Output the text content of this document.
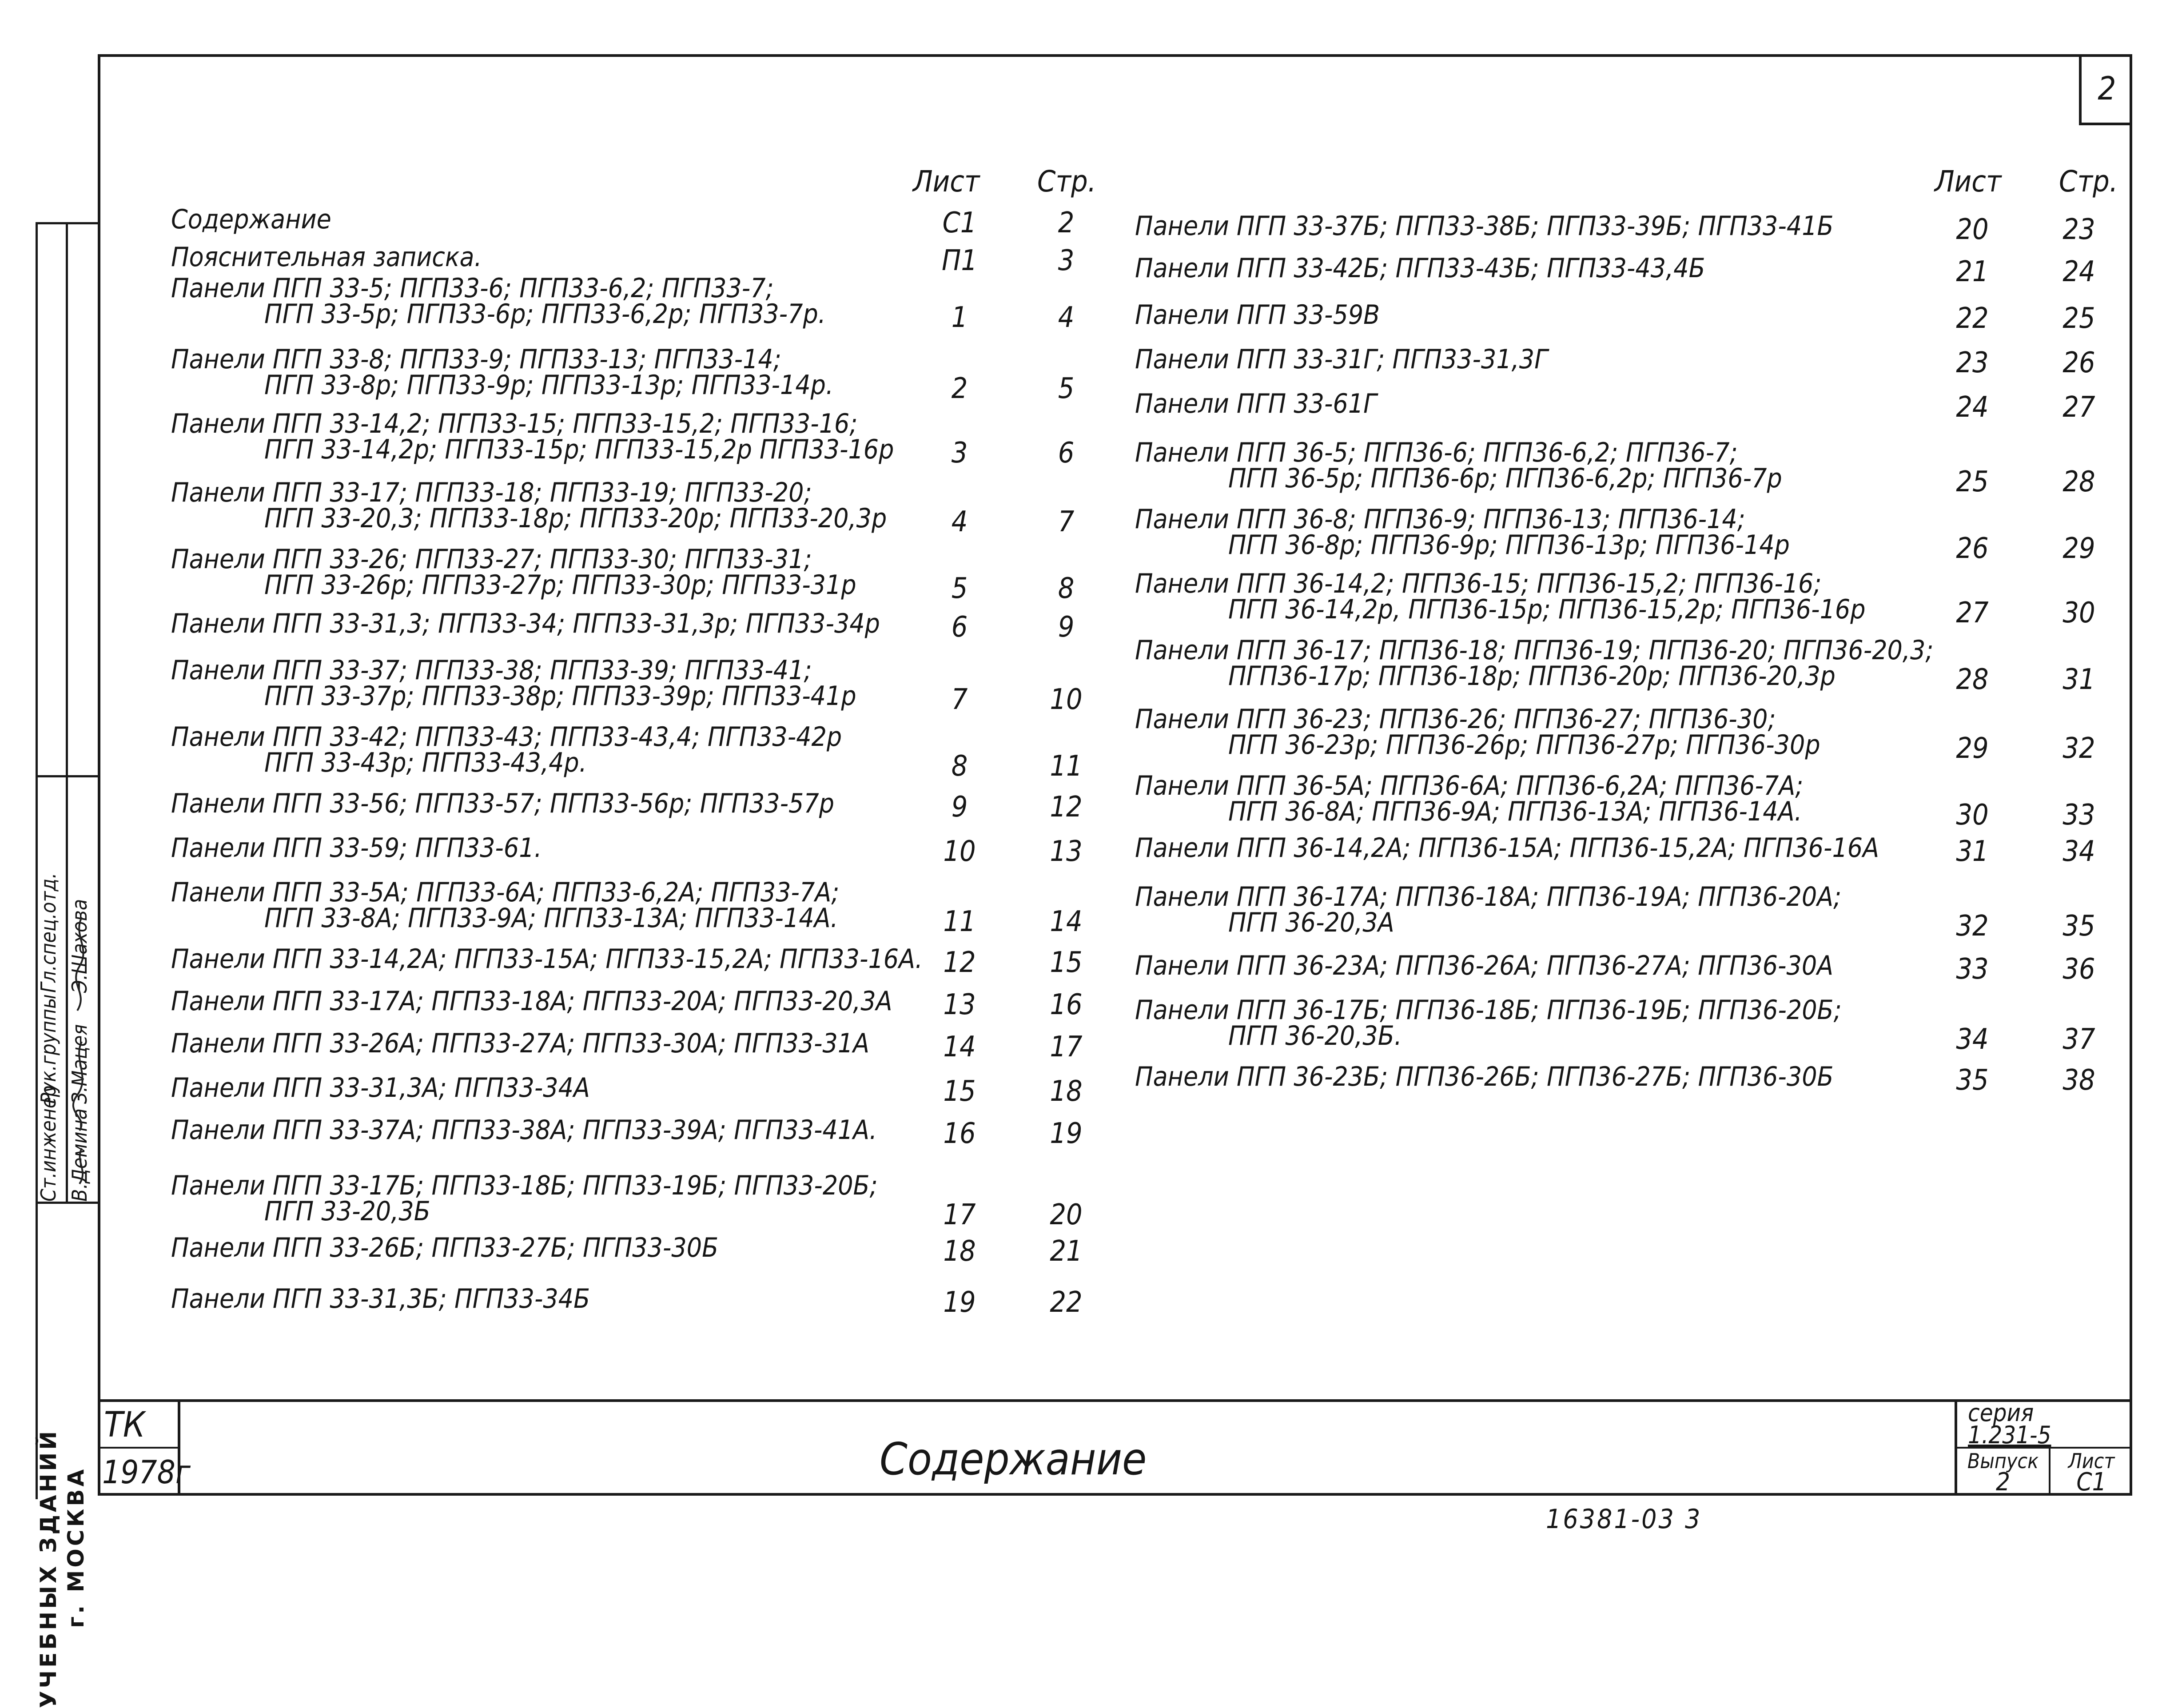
2
Лист Стр.	Лист Стр.
Содержание	С1	2
Пояснительная записка.	П1	3
Панели ПГП 33-5; ПГП33-6; ПГП33-6,2; ПГП33-7;
ПГП 33-5р; ПГП33-6р; ПГП33-6,2р; ПГП33-7р.	1	4
Панели ПГП 33-8; ПГП33-9; ПГП33-13; ПГП33-14;
ПГП 33-8р; ПГП33-9р; ПГП33-13р; ПГП33-14р.	2	5
Панели ПГП 33-14,2; ПГП33-15; ПГП33-15,2; ПГП33-16;
ПГП 33-14,2р; ПГП33-15р; ПГП33-15,2р ПГП33-16р	3	6
Панели ПГП 33-17; ПГП33-18; ПГП33-19; ПГП33-20;
ПГП 33-20,3; ПГП33-18р; ПГП33-20р; ПГП33-20,3р	4	7
Панели ПГП 33-26; ПГП33-27; ПГП33-30; ПГП33-31;
ПГП 33-26р; ПГП33-27р; ПГП33-30р; ПГП33-31р	5	8
Панели ПГП 33-31,3; ПГП33-34; ПГП33-31,3р; ПГП33-34р	6	9
Панели ПГП 33-37; ПГП33-38; ПГП33-39; ПГП33-41;
ПГП 33-37р; ПГП33-38р; ПГП33-39р; ПГП33-41р	7	10
Панели ПГП 33-42; ПГП33-43; ПГП33-43,4; ПГП33-42р
ПГП 33-43р; ПГП33-43,4р.	8	11
Панели ПГП 33-56; ПГП33-57; ПГП33-56р; ПГП33-57р	9	12
Панели ПГП 33-59; ПГП33-61.	10	13
Панели ПГП 33-5А; ПГП33-6А; ПГП33-6,2А; ПГП33-7А;
ПГП 33-8А; ПГП33-9А; ПГП33-13А; ПГП33-14А.	11	14
Панели ПГП 33-14,2А; ПГП33-15А; ПГП33-15,2А; ПГП33-16А. 12	15
Панели ПГП 33-17А; ПГП33-18А; ПГП33-20А; ПГП33-20,3А	13	16
Панели ПГП 33-26А; ПГП33-27А; ПГП33-30А; ПГП33-31А	14	17
Панели ПГП 33-31,3А; ПГП33-34А	15	18
Панели ПГП 33-37А; ПГП33-38А; ПГП33-39А; ПГП33-41А.	16	19
Панели ПГП 33-17Б; ПГП33-18Б; ПГП33-19Б; ПГП33-20Б;
ПГП 33-20,3Б	17	20
Панели ПГП 33-26Б; ПГП33-27Б; ПГП33-30Б	18	21
Панели ПГП 33-31,3Б; ПГП33-34Б	19	22
Панели ПГП 33-37Б; ПГП33-38Б; ПГП33-39Б; ПГП33-41Б	20	23
Панели ПГП 33-42Б; ПГП33-43Б; ПГП33-43,4Б	21	24
Панели ПГП 33-59В	22	25
Панели ПГП 33-31Г; ПГП33-31,3Г	23	26
Панели ПГП 33-61Г	24	27
Панели ПГП 36-5; ПГП36-6; ПГП36-6,2; ПГП36-7;
ПГП 36-5р; ПГП36-6р; ПГП36-6,2р; ПГП36-7р	25	28
Панели ПГП 36-8; ПГП36-9; ПГП36-13; ПГП36-14;
ПГП 36-8р; ПГП36-9р; ПГП36-13р; ПГП36-14р	26	29
Панели ПГП 36-14,2; ПГП36-15; ПГП36-15,2; ПГП36-16;
ПГП 36-14,2р, ПГП36-15р; ПГП36-15,2р; ПГП36-16р	27	30
Панели ПГП 36-17; ПГП36-18; ПГП36-19; ПГП36-20; ПГП36-20,3;
ПГП36-17р; ПГП36-18р; ПГП36-20р; ПГП36-20,3р	28	31
Панели ПГП 36-23; ПГП36-26; ПГП36-27; ПГП36-30;
ПГП 36-23р; ПГП36-26р; ПГП36-27р; ПГП36-30р	29	32
Панели ПГП 36-5А; ПГП36-6А; ПГП36-6,2А; ПГП36-7А;
ПГП 36-8А; ПГП36-9А; ПГП36-13А; ПГП36-14А.	30	33
Панели ПГП 36-14,2А; ПГП36-15А; ПГП36-15,2А; ПГП36-16А	31	34
Панели ПГП 36-17А; ПГП36-18А; ПГП36-19А; ПГП36-20А;
ПГП 36-20,3А	32	35
Панели ПГП 36-23А; ПГП36-26А; ПГП36-27А; ПГП36-30А	33	36
Панели ПГП 36-17Б; ПГП36-18Б; ПГП36-19Б; ПГП36-20Б;
ПГП 36-20,3Б.	34	37
Панели ПГП 36-23Б; ПГП36-26Б; ПГП36-27Б; ПГП36-30Б	35	38
Гл.спец.отд.
Рук.группы
Ст.инженер
Э.Шахова
З.Мацея
В.Демина
УЧЕБНЫХ ЗДАНИЙ г. МОСКВА
ТК
1978г	Содержание
серия
1.231-5
Выпуск
2
Лист
С1
16381-03 3
